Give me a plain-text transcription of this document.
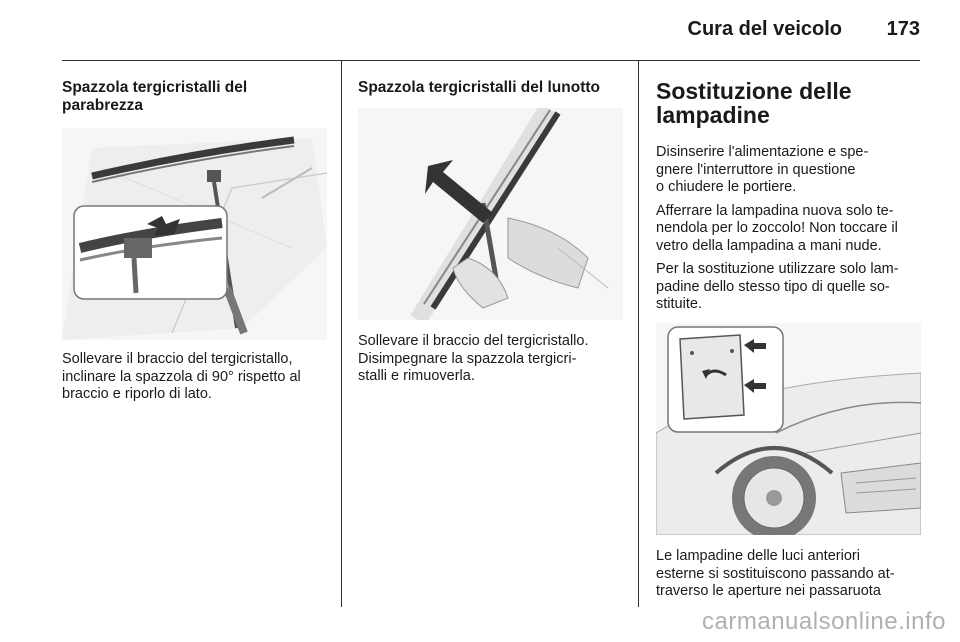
Cura del veicolo 173
Spazzola tergicristalli del
parabrezza
Sollevare il braccio del tergicristallo,
inclinare la spazzola di 90° rispetto al
braccio e riporlo di lato.
Spazzola tergicristalli del lunotto
Sollevare il braccio del tergicristallo.
Disimpegnare la spazzola tergicri-
stalli e rimuoverla.
Sostituzione delle
lampadine
Disinserire l'alimentazione e spe-
gnere l'interruttore in questione
o chiudere le portiere.
Afferrare la lampadina nuova solo te-
nendola per lo zoccolo! Non toccare il
vetro della lampadina a mani nude.
Per la sostituzione utilizzare solo lam-
padine dello stesso tipo di quelle so-
stituite.
Le lampadine delle luci anteriori
esterne si sostituiscono passando at-
traverso le aperture nei passaruota
carmanualsonline.info
